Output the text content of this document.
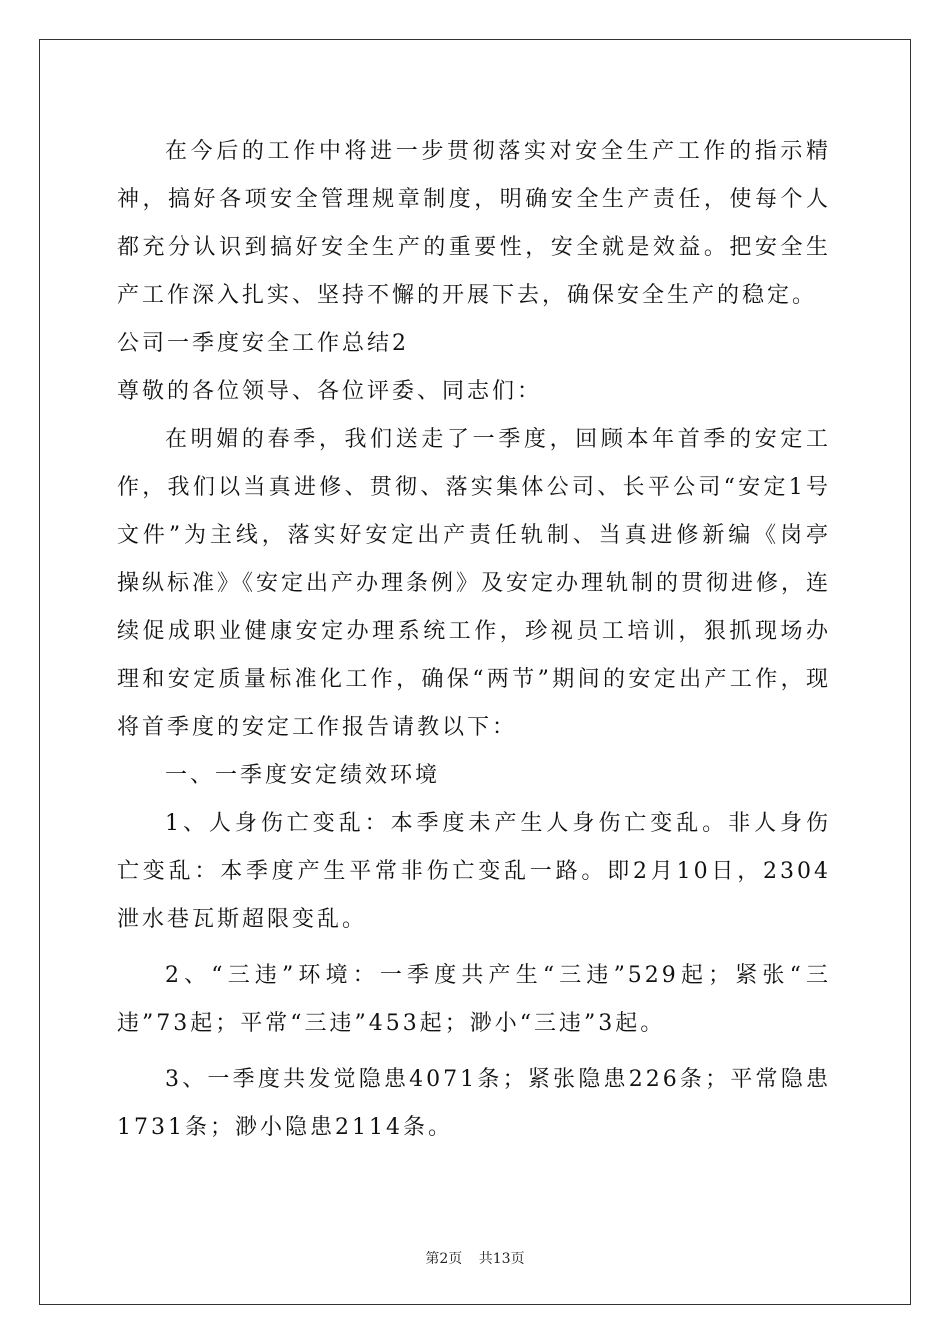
在今后的工作中将进一步贯彻落实对安全生产工作的指示精神，搞好各项安全管理规章制度，明确安全生产责任，使每个人都充分认识到搞好安全生产的重要性，安全就是效益。把安全生产工作深入扎实、坚持不懈的开展下去，确保安全生产的稳定。

公司一季度安全工作总结2

尊敬的各位领导、各位评委、同志们：

在明媚的春季，我们送走了一季度，回顾本年首季的安定工作，我们以当真进修、贯彻、落实集体公司、长平公司“安定1号文件”为主线，落实好安定出产责任轨制、当真进修新编《岗亭操纵标准》《安定出产办理条例》及安定办理轨制的贯彻进修，连续促成职业健康安定办理系统工作，珍视员工培训，狠抓现场办理和安定质量标准化工作，确保“两节”期间的安定出产工作，现将首季度的安定工作报告请教以下：

一、一季度安定绩效环境

1、人身伤亡变乱：本季度未产生人身伤亡变乱。非人身伤亡变乱：本季度产生平常非伤亡变乱一路。即2月10日，2304泄水巷瓦斯超限变乱。

2、“三违”环境：一季度共产生“三违”529起；紧张“三违”73起；平常“三违”453起；渺小“三违”3起。

3、一季度共发觉隐患4071条；紧张隐患226条；平常隐患1731条；渺小隐患2114条。

第2页 共13页
